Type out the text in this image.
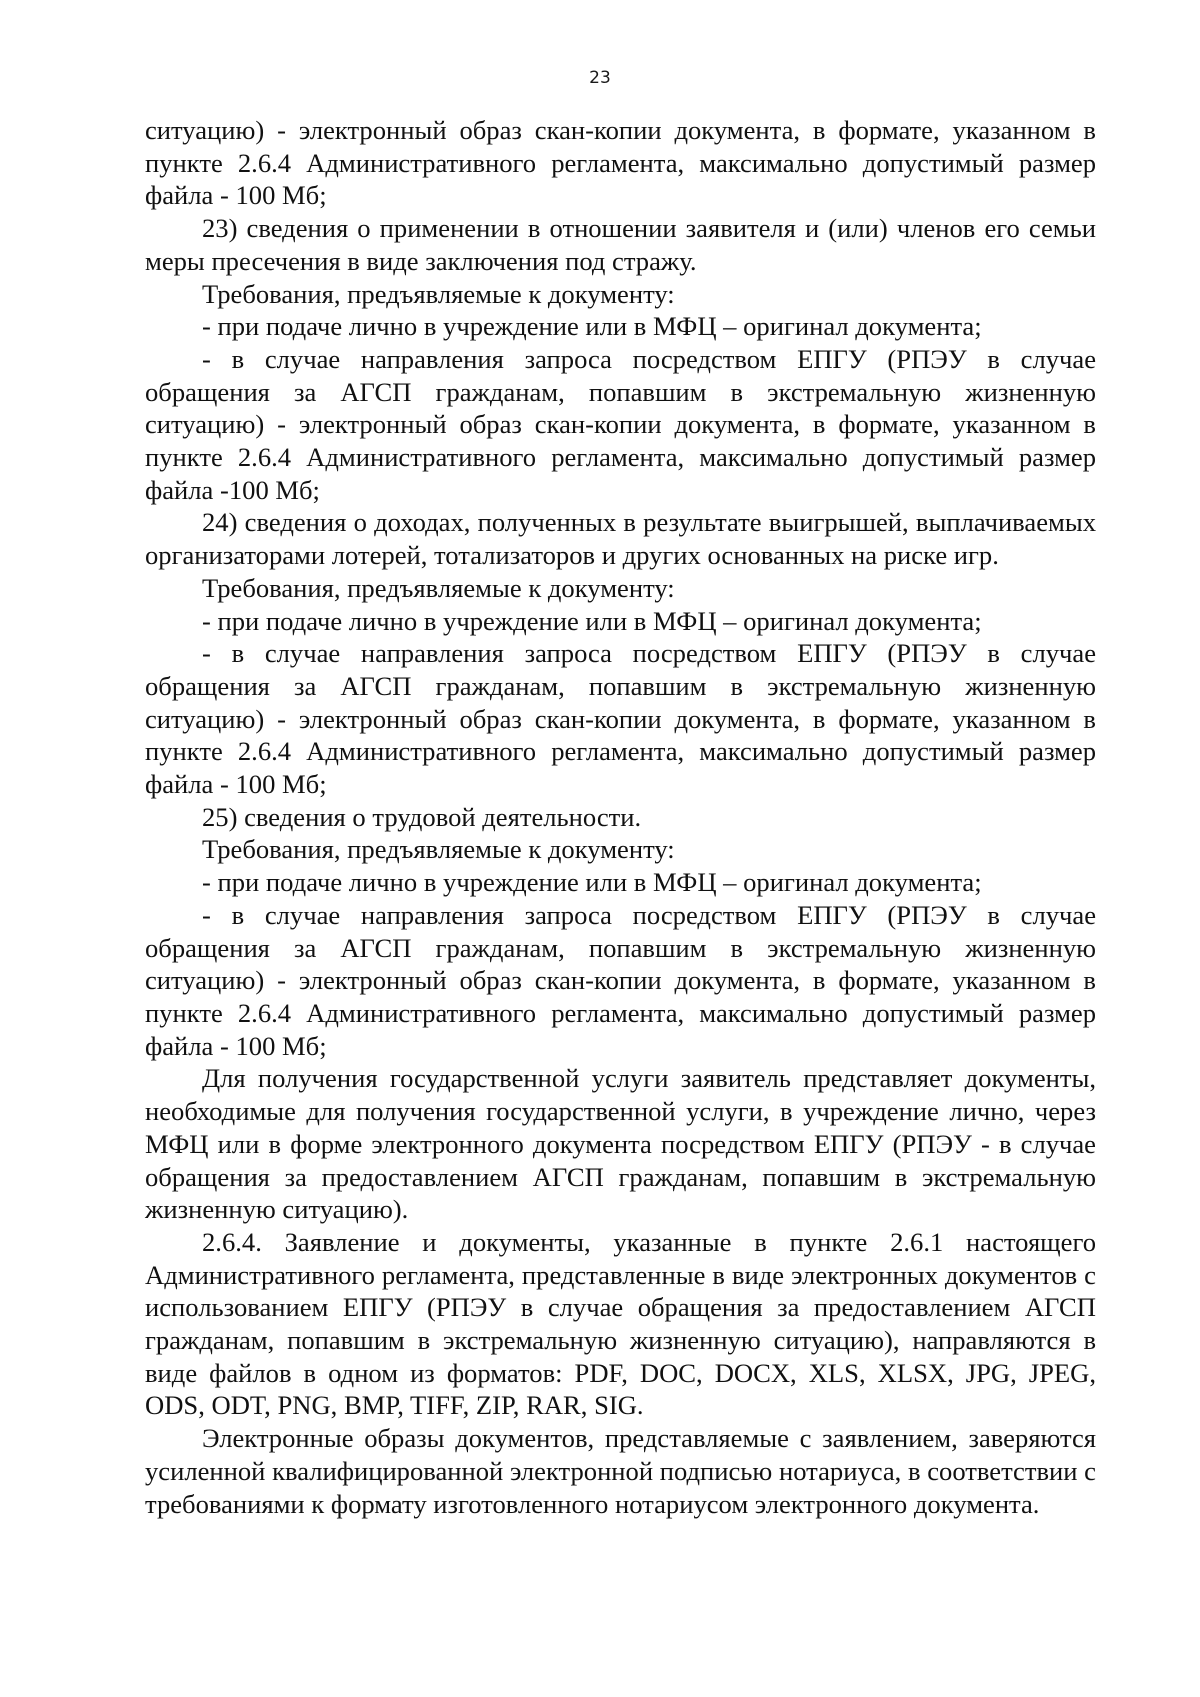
23

ситуацию) - электронный образ скан-копии документа, в формате, указанном в пункте 2.6.4 Административного регламента, максимально допустимый размер файла - 100 Мб;

23) сведения о применении в отношении заявителя и (или) членов его семьи меры пресечения в виде заключения под стражу.

Требования, предъявляемые к документу:

- при подаче лично в учреждение или в МФЦ – оригинал документа;

- в случае направления запроса посредством ЕПГУ (РПЭУ в случае обращения за АГСП гражданам, попавшим в экстремальную жизненную ситуацию) - электронный образ скан-копии документа, в формате, указанном в пункте 2.6.4 Административного регламента, максимально допустимый размер файла -100 Мб;

24) сведения о доходах, полученных в результате выигрышей, выплачиваемых организаторами лотерей, тотализаторов и других основанных на риске игр.

Требования, предъявляемые к документу:

- при подаче лично в учреждение или в МФЦ – оригинал документа;

- в случае направления запроса посредством ЕПГУ (РПЭУ в случае обращения за АГСП гражданам, попавшим в экстремальную жизненную ситуацию) - электронный образ скан-копии документа, в формате, указанном в пункте 2.6.4 Административного регламента, максимально допустимый размер файла - 100 Мб;

25) сведения о трудовой деятельности.

Требования, предъявляемые к документу:

- при подаче лично в учреждение или в МФЦ – оригинал документа;

- в случае направления запроса посредством ЕПГУ (РПЭУ в случае обращения за АГСП гражданам, попавшим в экстремальную жизненную ситуацию) - электронный образ скан-копии документа, в формате, указанном в пункте 2.6.4 Административного регламента, максимально допустимый размер файла - 100 Мб;

Для получения государственной услуги заявитель представляет документы, необходимые для получения государственной услуги, в учреждение лично, через МФЦ или в форме электронного документа посредством ЕПГУ (РПЭУ - в случае обращения за предоставлением АГСП гражданам, попавшим в экстремальную жизненную ситуацию).

2.6.4. Заявление и документы, указанные в пункте 2.6.1 настоящего Административного регламента, представленные в виде электронных документов с использованием ЕПГУ (РПЭУ в случае обращения за предоставлением АГСП гражданам, попавшим в экстремальную жизненную ситуацию), направляются в виде файлов в одном из форматов: PDF, DOC, DOCX, XLS, XLSX, JPG, JPEG, ODS, ODT, PNG, BMP, TIFF, ZIP, RAR, SIG.

Электронные образы документов, представляемые с заявлением, заверяются усиленной квалифицированной электронной подписью нотариуса, в соответствии с требованиями к формату изготовленного нотариусом электронного документа.
